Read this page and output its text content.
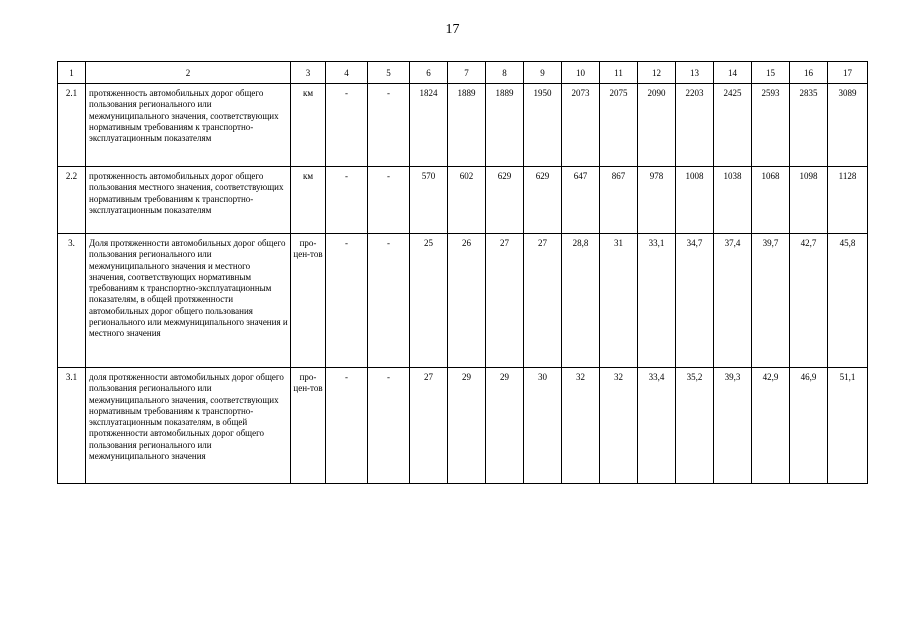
17
1	2	3	4	5	6	7	8	9	10	11	12	13	14	15	16	17
2.1	протяженность автомобильных дорог общего пользования регионального или межмуниципального значения, соответствующих нормативным требованиям к транспортно-эксплуатационным показателям	км	-	-	1824	1889	1889	1950	2073	2075	2090	2203	2425	2593	2835	3089
2.2	протяженность автомобильных дорог общего пользования местного значения, соответствующих нормативным требованиям к транспортно-эксплуатационным показателям	км	-	-	570	602	629	629	647	867	978	1008	1038	1068	1098	1128
3.	Доля протяженности автомобильных дорог общего пользования регионального или межмуниципального значения и местного значения, соответствующих нормативным требованиям к транспортно-эксплуатационным показателям, в общей протяженности автомобильных дорог общего пользования регионального или межмуниципального значения и местного значения	про-цен-тов	-	-	25	26	27	27	28,8	31	33,1	34,7	37,4	39,7	42,7	45,8
3.1	доля протяженности автомобильных дорог общего пользования регионального или межмуниципального значения, соответствующих нормативным требованиям к транспортно-эксплуатационным показателям, в общей протяженности автомобильных дорог общего пользования регионального или межмуниципального значения	про-цен-тов	-	-	27	29	29	30	32	32	33,4	35,2	39,3	42,9	46,9	51,1
